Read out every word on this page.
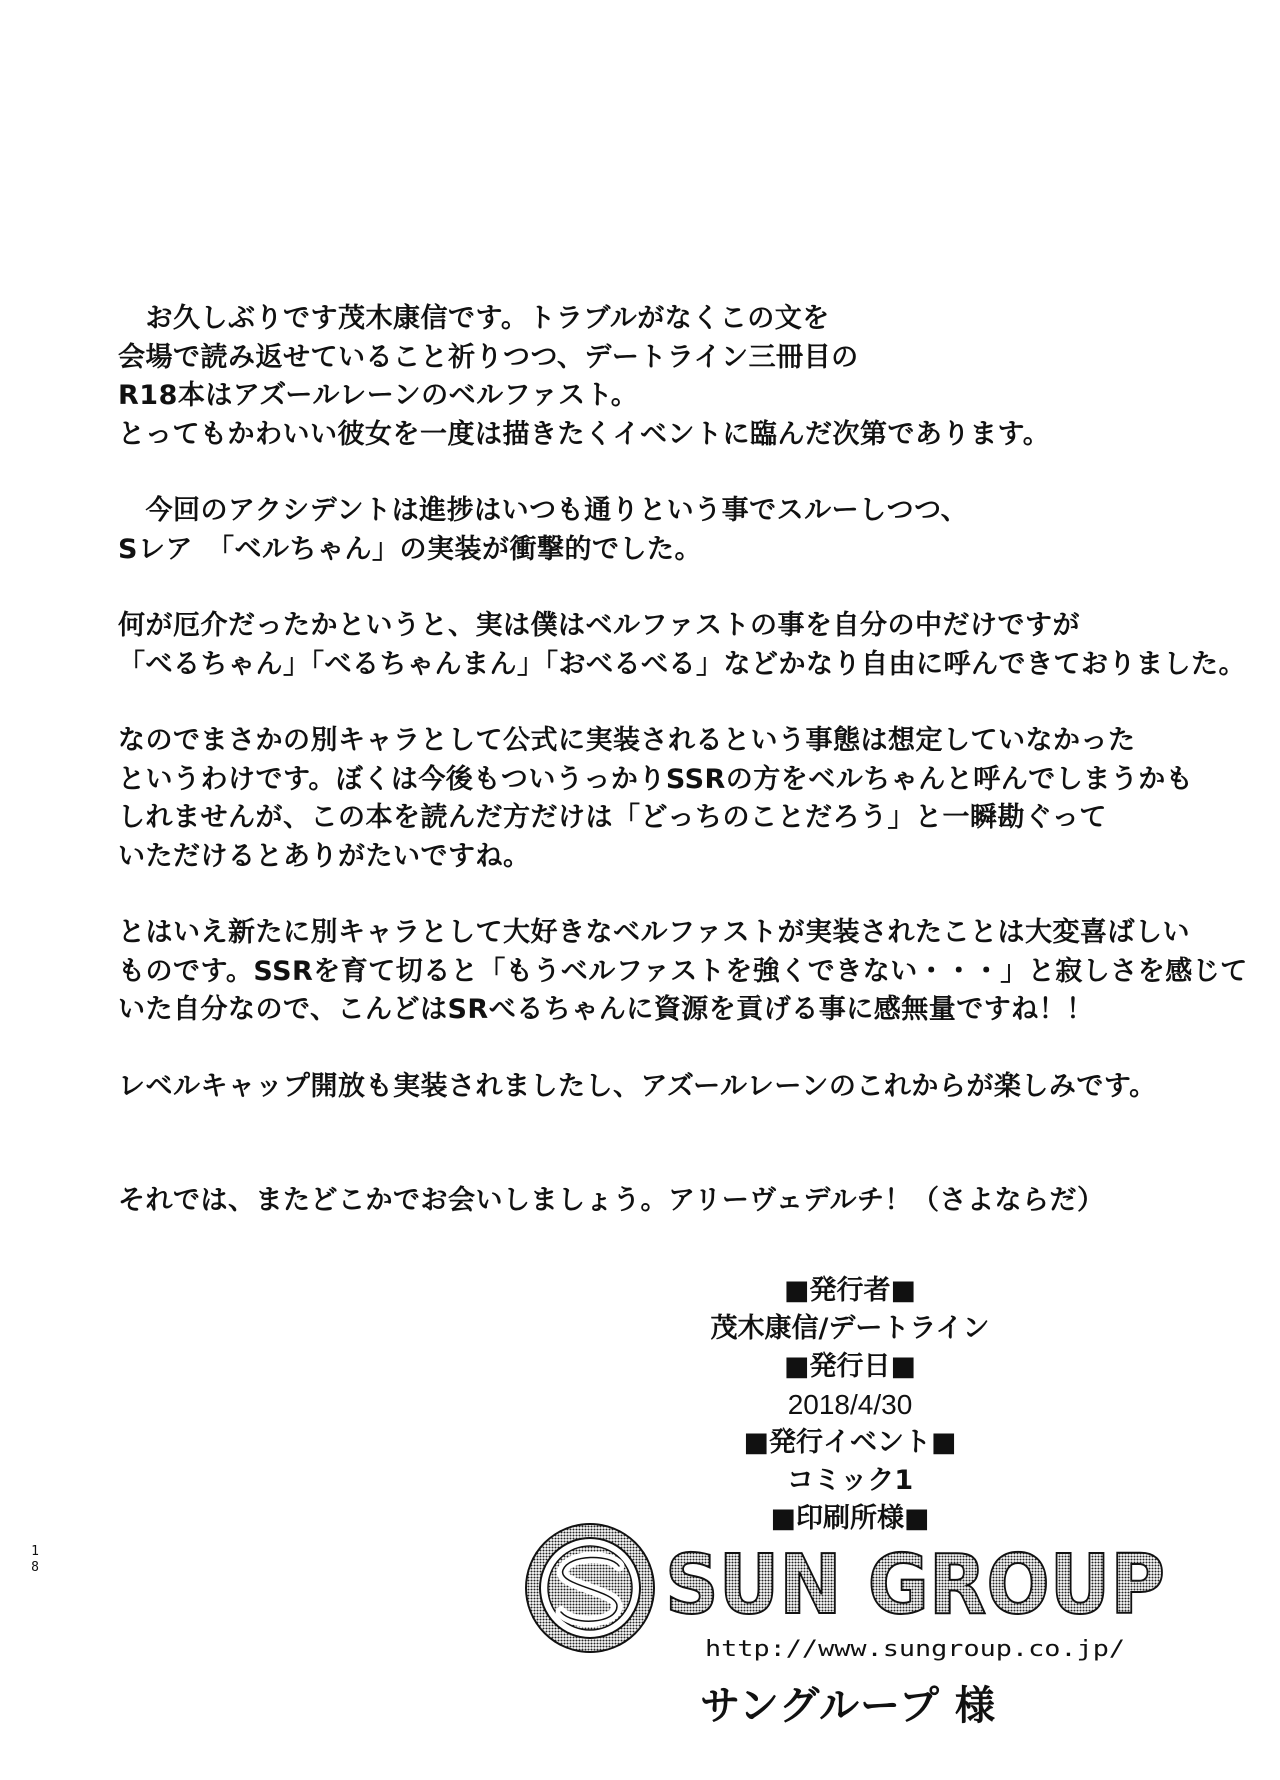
　お久しぶりです茂木康信です。トラブルがなくこの文を
会場で読み返せていること祈りつつ、デートライン三冊目の
R18本はアズールレーンのベルファスト。
とってもかわいい彼女を一度は描きたくイベントに臨んだ次第であります。

　今回のアクシデントは進捗はいつも通りという事でスルーしつつ、
Sレア　「ベルちゃん」の実装が衝撃的でした。

何が厄介だったかというと、実は僕はベルファストの事を自分の中だけですが
「べるちゃん」「べるちゃんまん」「おべるべる」などかなり自由に呼んできておりました。

なのでまさかの別キャラとして公式に実装されるという事態は想定していなかった
というわけです。ぼくは今後もついうっかりSSRの方をベルちゃんと呼んでしまうかも
しれませんが、この本を読んだ方だけは「どっちのことだろう」と一瞬勘ぐって
いただけるとありがたいですね。

とはいえ新たに別キャラとして大好きなベルファストが実装されたことは大変喜ばしい
ものです。SSRを育て切ると「もうベルファストを強くできない・・・」と寂しさを感じて
いた自分なので、こんどはSRべるちゃんに資源を貢げる事に感無量ですね！！

レベルキャップ開放も実装されましたし、アズールレーンのこれからが楽しみです。

それでは、またどこかでお会いしましょう。アリーヴェデルチ！（さよならだ）

■発行者■
茂木康信/デートライン
■発行日■
2018/4/30
■発行イベント■
コミック1
■印刷所様■
1
8	SUN GROUP
http://www.sungroup.co.jp/
サングループ 様
